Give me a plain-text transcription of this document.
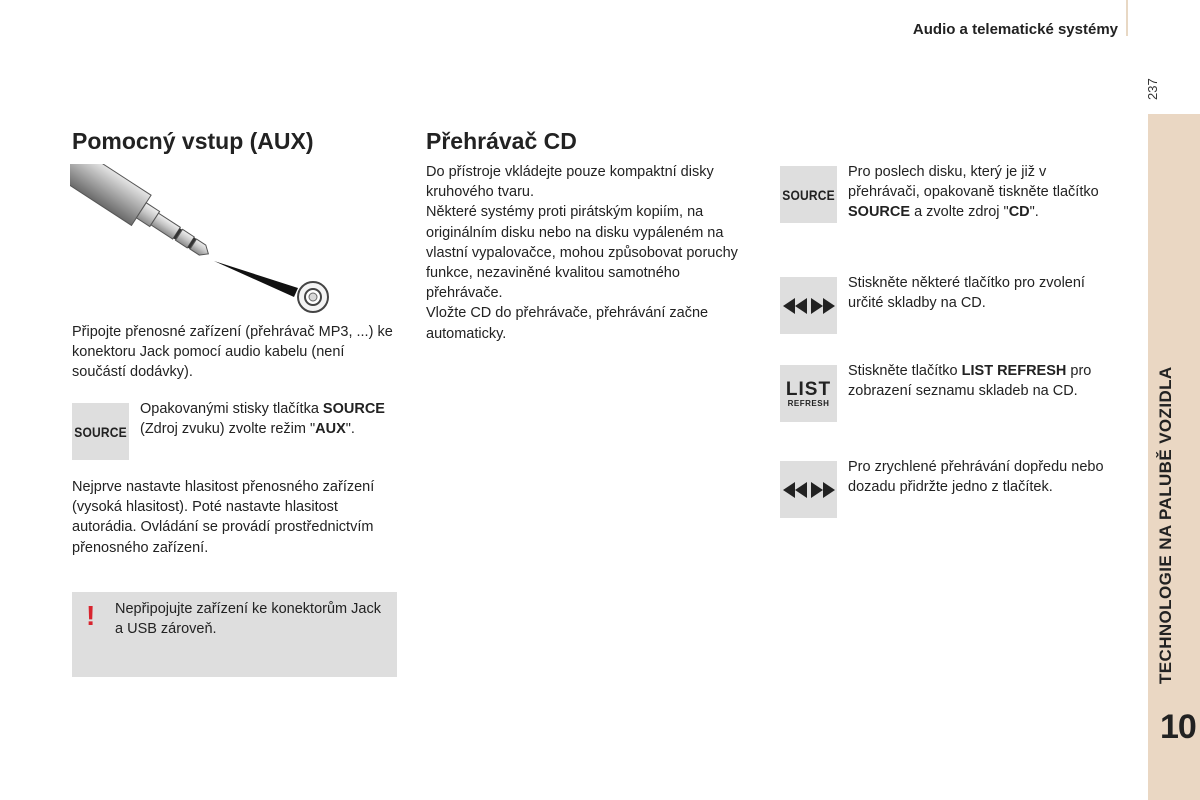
Audio a telematické systémy
237
TECHNOLOGIE NA PALUBĚ VOZIDLA
10
Pomocný vstup (AUX)

Připojte přenosné zařízení (přehrávač MP3, ...) ke konektoru Jack pomocí audio kabelu (není součástí dodávky).

SOURCE

Opakovanými stisky tlačítka SOURCE (Zdroj zvuku) zvolte režim "AUX".

Nejprve nastavte hlasitost přenosného zařízení (vysoká hlasitost). Poté nastavte hlasitost autorádia. Ovládání se provádí prostřednictvím přenosného zařízení.

! Nepřipojujte zařízení ke konektorům Jack a USB zároveň.

Přehrávač CD

Do přístroje vkládejte pouze kompaktní disky kruhového tvaru.
Některé systémy proti pirátským kopiím, na originálním disku nebo na disku vypáleném na vlastní vypalovačce, mohou způsobovat poruchy funkce, nezaviněné kvalitou samotného přehrávače.
Vložte CD do přehrávače, přehrávání začne automaticky.

SOURCE

Pro poslech disku, který je již v přehrávači, opakovaně tiskněte tlačítko SOURCE a zvolte zdroj "CD".

Stiskněte některé tlačítko pro zvolení určité skladby na CD.

LIST
REFRESH

Stiskněte tlačítko LIST REFRESH pro zobrazení seznamu skladeb na CD.

Pro zrychlené přehrávání dopředu nebo dozadu přidržte jedno z tlačítek.
